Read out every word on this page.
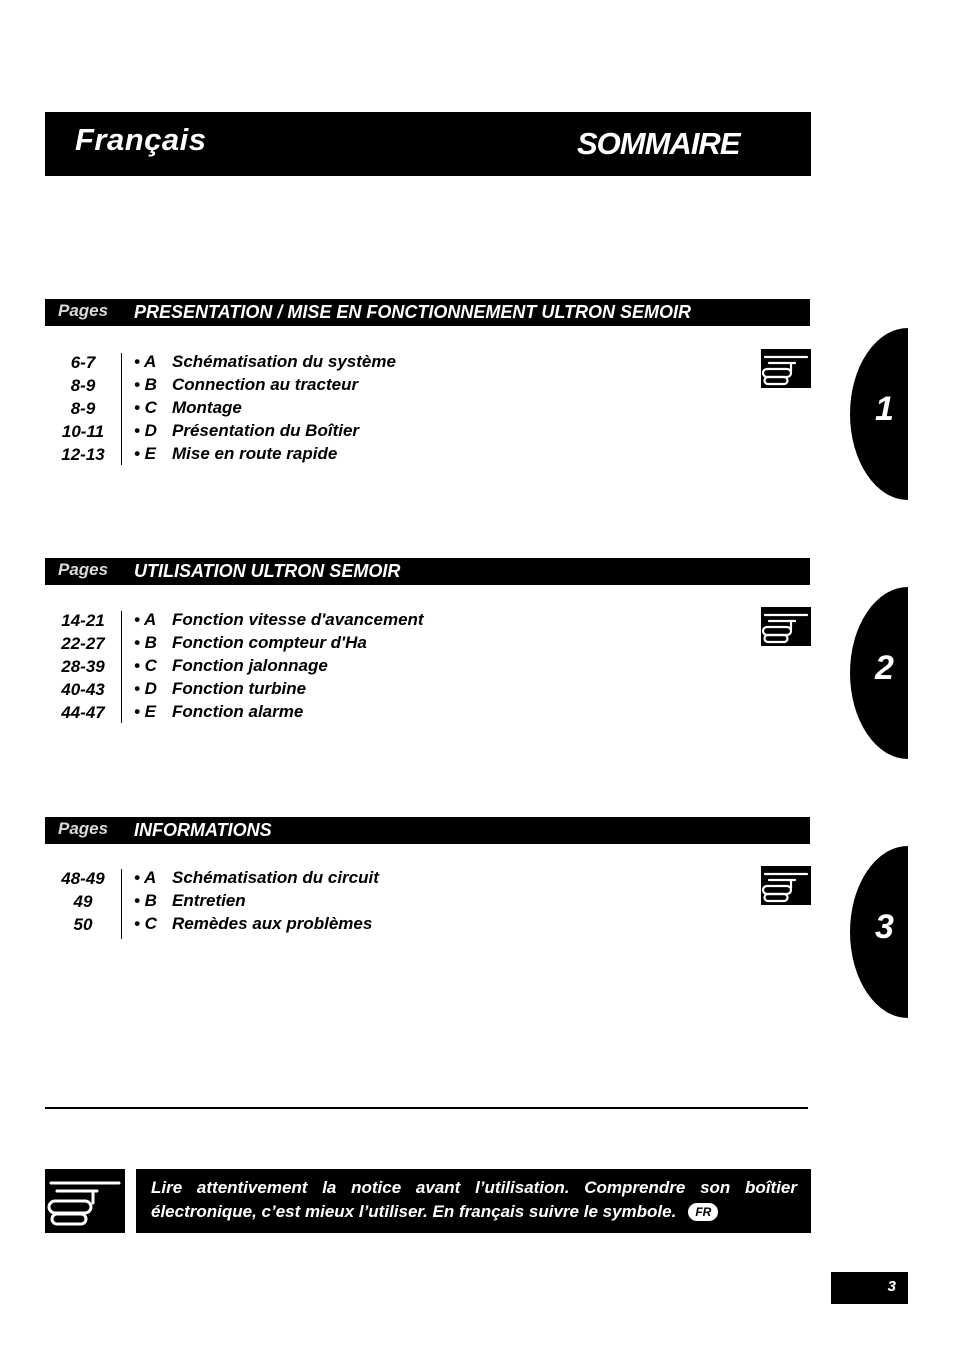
Français	SOMMAIRE
Pages PRESENTATION / MISE EN FONCTIONNEMENT ULTRON SEMOIR
6-7	• A Schématisation du système
8-9	• B Connection au tracteur
8-9	• C Montage
10-11	• D Présentation du Boîtier
12-13	• E Mise en route rapide
1
Pages UTILISATION ULTRON SEMOIR
14-21	• A Fonction vitesse d'avancement
22-27	• B Fonction compteur d'Ha
28-39	• C Fonction jalonnage
40-43	• D Fonction turbine
44-47	• E Fonction alarme
2
Pages INFORMATIONS
48-49	• A Schématisation du circuit
49	• B Entretien
50	• C Remèdes aux problèmes	3

Lire attentivement la notice avant l’utilisation. Comprendre son boîtier électronique, c’est mieux l’utiliser. En français suivre le symbole. FR

3
